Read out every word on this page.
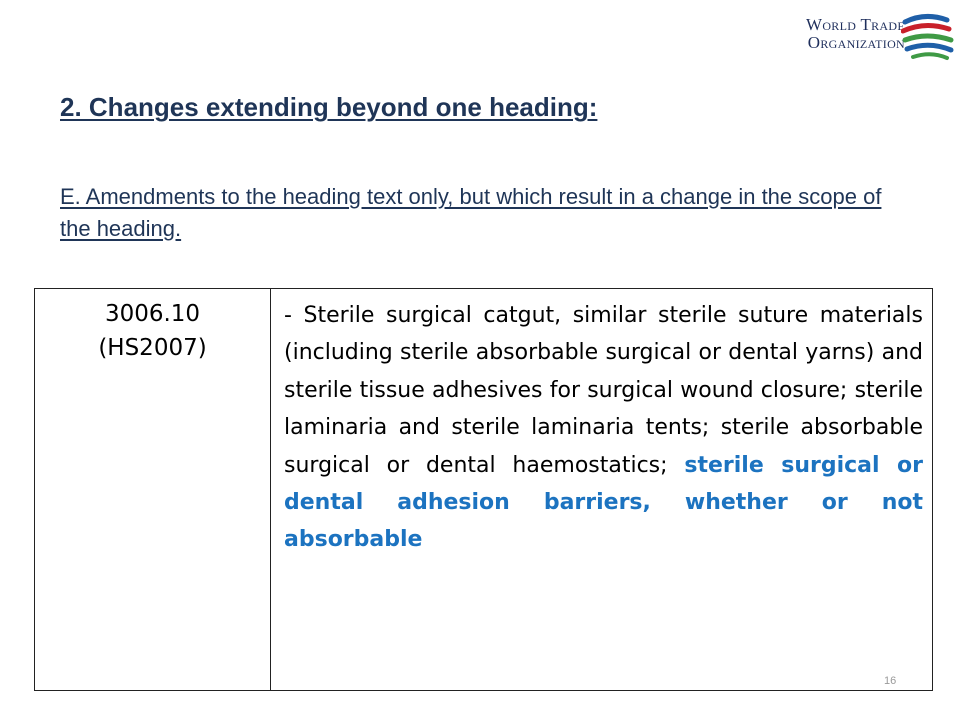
World Trade
Organization
2. Changes extending beyond one heading:

E. Amendments to the heading text only, but which result in a change in the scope of the heading.

3006.10
(HS2007)
- Sterile surgical catgut, similar sterile suture materials (including sterile absorbable surgical or dental yarns) and sterile tissue adhesives for surgical wound closure; sterile laminaria and sterile laminaria tents; sterile absorbable surgical or dental haemostatics; sterile surgical or dental adhesion barriers, whether or not absorbable
16
